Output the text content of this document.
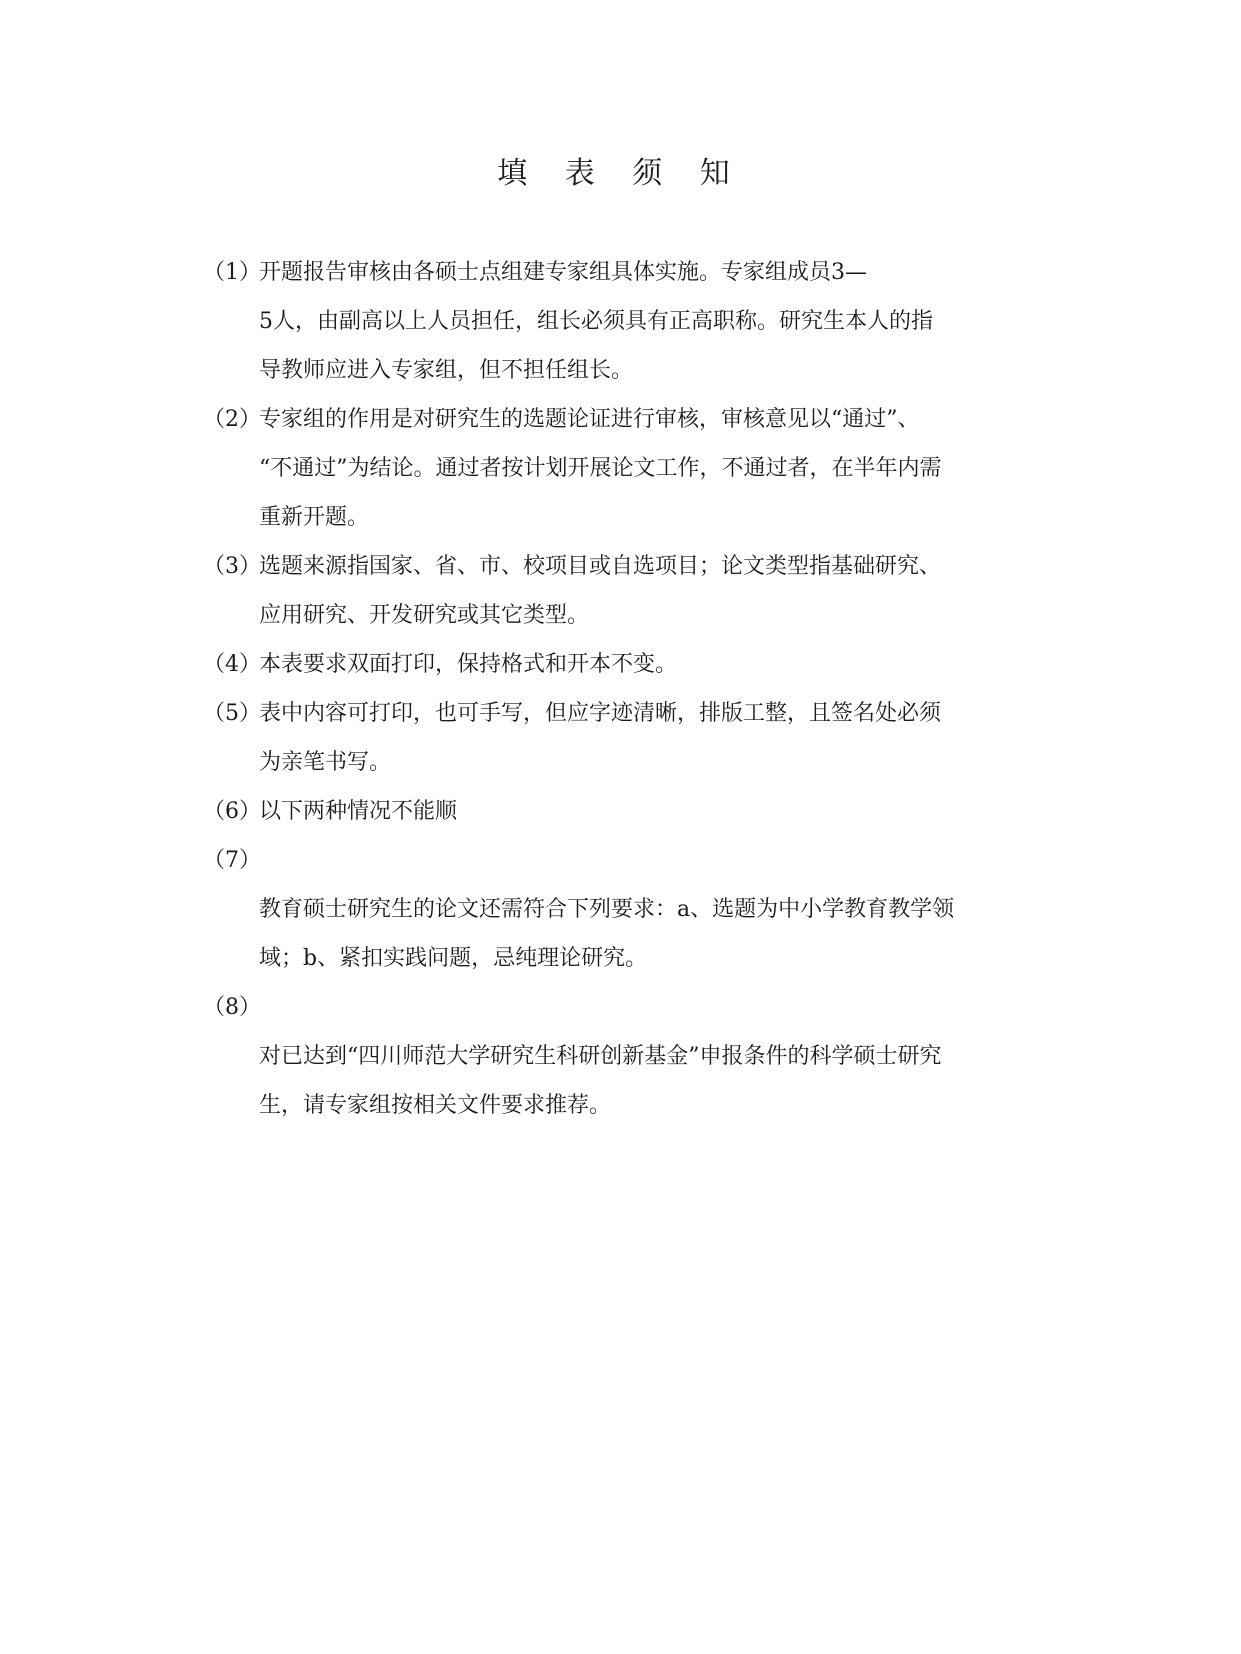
填 表 须 知
（1）
开题报告审核由各硕士点组建专家组具体实施。专家组成员3—
5人，由副高以上人员担任，组长必须具有正高职称。研究生本人的指
导教师应进入专家组，但不担任组长。
（2）
专家组的作用是对研究生的选题论证进行审核，审核意见以“通过”、
“不通过”为结论。通过者按计划开展论文工作，不通过者，在半年内需
重新开题。
（3）
选题来源指国家、省、市、校项目或自选项目；论文类型指基础研究、
应用研究、开发研究或其它类型。
（4）
本表要求双面打印，保持格式和开本不变。
（5）
表中内容可打印，也可手写，但应字迹清晰，排版工整，且签名处必须
为亲笔书写。
（6）
以下两种情况不能顺
（7）

教育硕士研究生的论文还需符合下列要求：a、选题为中小学教育教学领
域；b、紧扣实践问题，忌纯理论研究。
（8）

对已达到“四川师范大学研究生科研创新基金”申报条件的科学硕士研究
生，请专家组按相关文件要求推荐。
